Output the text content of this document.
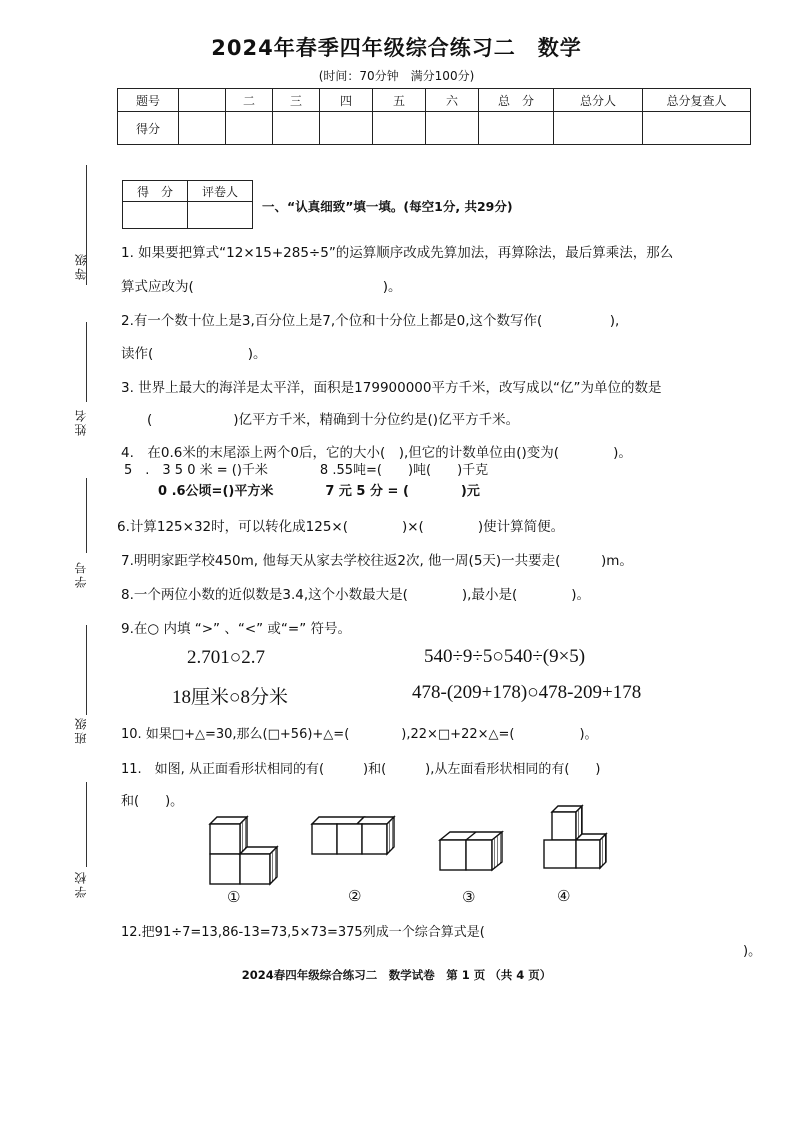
2024年春季四年级综合练习二　数学
(时间：70分钟　满分100分)
题号		二	三	四	五	六	总　分	总分人	总分复查人
得分									
等级
姓名
学号
班级
学校
得　分	评卷人

一、“认真细致”填一填。(每空1分, 共29分)
1. 如果要把算式“12×15+285÷5”的运算顺序改成先算加法，再算除法，最后算乘法，那么
算式应改为(　　　　　　　　　　　　　　)。
2.有一个数十位上是3,百分位上是7,个位和十分位上都是0,这个数写作(　　　　　),
读作(　　　　　　　)。
3. 世界上最大的海洋是太平洋，面积是179900000平方千米，改写成以“亿”为单位的数是
(　　　　　　)亿平方千米，精确到十分位约是()亿平方千米。
4.　在0.6米的末尾添上两个0后，它的大小(　),但它的计数单位由()变为(　　　　)。
5　.　3 5 0 米 = ()千米　　　　8 .55吨=(　　)吨(　　)千克
0 .6公顷=()平方米　　　　7 元 5 分 = (　　　　)元
6.计算125×32时，可以转化成125×(　　　　)×(　　　　)使计算简便。
7.明明家距学校450m, 他每天从家去学校往返2次, 他一周(5天)一共要走(　　　)m。
8.一个两位小数的近似数是3.4,这个小数最大是(　　　　),最小是(　　　　)。
9.在○ 内填 “>” 、“<” 或“=” 符号。
2.701○2.7	540÷9÷5○540÷(9×5)
18厘米○8分米	478-(209+178)○478-209+178
10. 如果□+△=30,那么(□+56)+△=(　　　　),22×□+22×△=(　　　　　)。
11.　如图, 从正面看形状相同的有(　　　)和(　　　),从左面看形状相同的有(　　)
和(　　)。
①	②	③	④
12.把91÷7=13,86-13=73,5×73=375列成一个综合算式是(
)。
2024春四年级综合练习二　数学试卷　第 1 页 （共 4 页）
